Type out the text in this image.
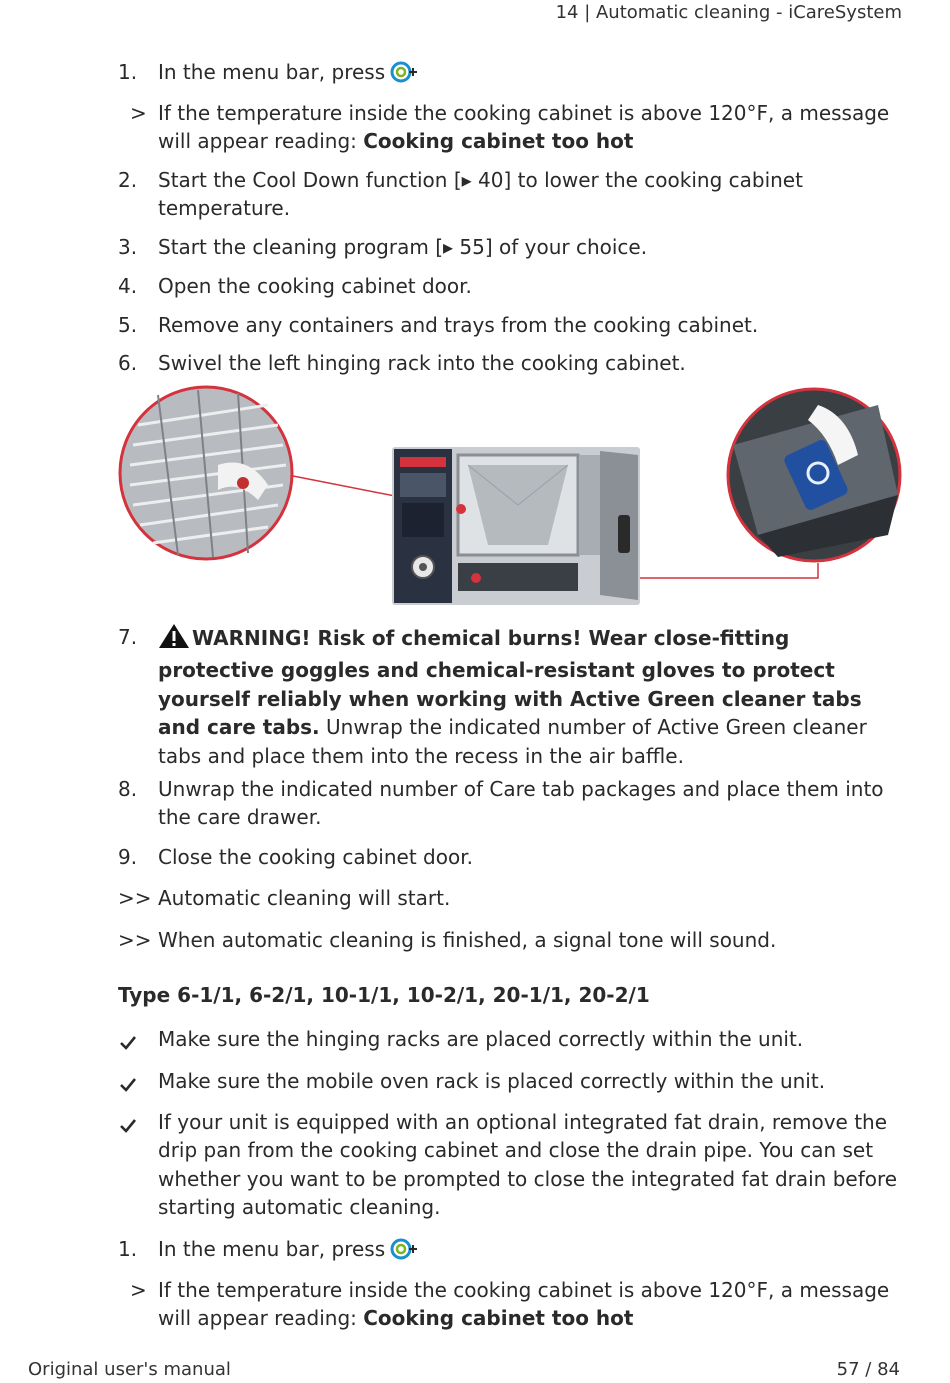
14 | Automatic cleaning - iCareSystem
1.	In the menu bar, press
> If the temperature inside the cooking cabinet is above 120°F, a message will appear reading: Cooking cabinet too hot
2.	Start the Cool Down function [▸ 40] to lower the cooking cabinet temperature.
3.	Start the cleaning program [▸ 55] of your choice.
4.	Open the cooking cabinet door.
5.	Remove any containers and trays from the cooking cabinet.
6.	Swivel the left hinging rack into the cooking cabinet.
7.	WARNING! Risk of chemical burns! Wear close-fitting protective goggles and chemical-resistant gloves to protect yourself reliably when working with Active Green cleaner tabs and care tabs. Unwrap the indicated number of Active Green cleaner tabs and place them into the recess in the air baffle.
8.	Unwrap the indicated number of Care tab packages and place them into the care drawer.
9.	Close the cooking cabinet door.
>> Automatic cleaning will start.
>> When automatic cleaning is finished, a signal tone will sound.
Type 6-1/1, 6-2/1, 10-1/1, 10-2/1, 20-1/1, 20-2/1
Make sure the hinging racks are placed correctly within the unit.
Make sure the mobile oven rack is placed correctly within the unit.
If your unit is equipped with an optional integrated fat drain, remove the drip pan from the cooking cabinet and close the drain pipe. You can set whether you want to be prompted to close the integrated fat drain before starting automatic cleaning.
1.	In the menu bar, press
> If the temperature inside the cooking cabinet is above 120°F, a message will appear reading: Cooking cabinet too hot
Original user's manual	57 / 84
